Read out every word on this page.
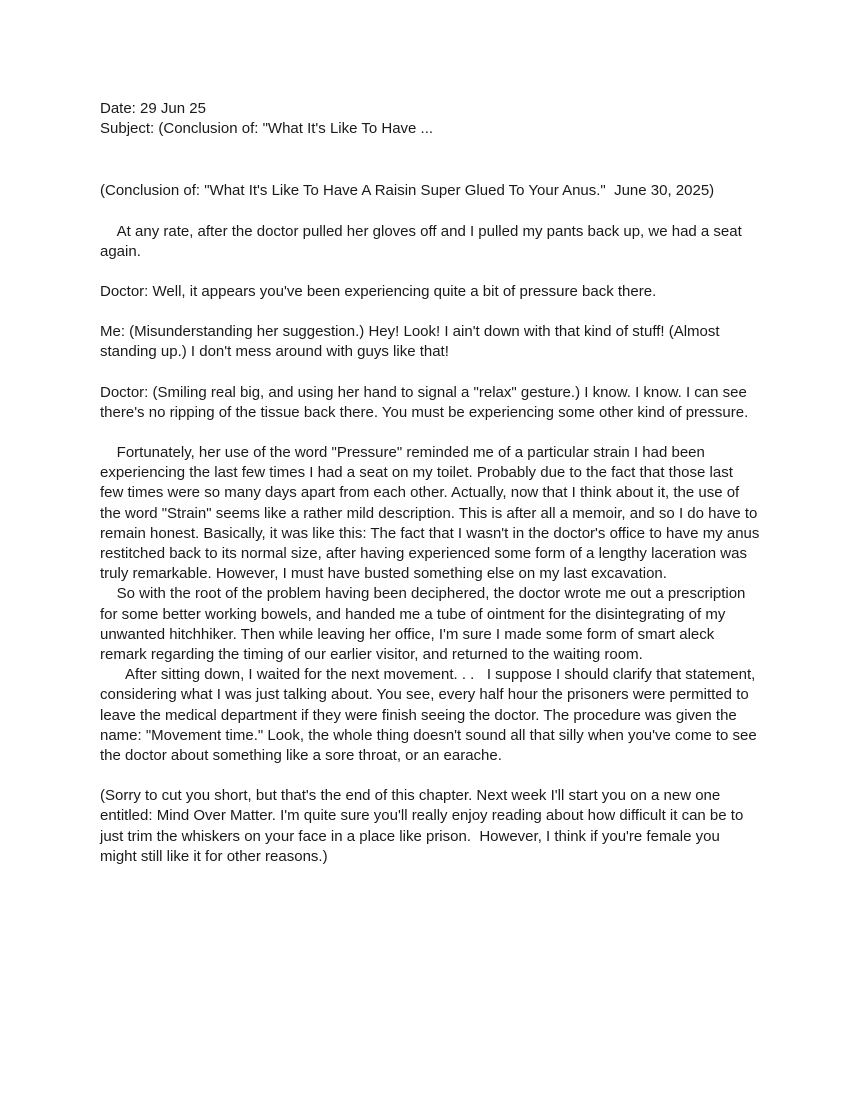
Date: 29 Jun 25

Subject: (Conclusion of: "What It's Like To Have ...

(Conclusion of: "What It's Like To Have A Raisin Super Glued To Your Anus."  June 30, 2025)

At any rate, after the doctor pulled her gloves off and I pulled my pants back up, we had a seat again.

Doctor: Well, it appears you've been experiencing quite a bit of pressure back there.

Me: (Misunderstanding her suggestion.) Hey! Look! I ain't down with that kind of stuff! (Almost standing up.) I don't mess around with guys like that!

Doctor: (Smiling real big, and using her hand to signal a "relax" gesture.) I know. I know. I can see there's no ripping of the tissue back there. You must be experiencing some other kind of pressure.

Fortunately, her use of the word "Pressure" reminded me of a particular strain I had been experiencing the last few times I had a seat on my toilet. Probably due to the fact that those last few times were so many days apart from each other. Actually, now that I think about it, the use of the word "Strain" seems like a rather mild description. This is after all a memoir, and so I do have to remain honest. Basically, it was like this: The fact that I wasn't in the doctor's office to have my anus restitched back to its normal size, after having experienced some form of a lengthy laceration was truly remarkable. However, I must have busted something else on my last excavation.

So with the root of the problem having been deciphered, the doctor wrote me out a prescription for some better working bowels, and handed me a tube of ointment for the disintegrating of my unwanted hitchhiker. Then while leaving her office, I'm sure I made some form of smart aleck remark regarding the timing of our earlier visitor, and returned to the waiting room.

After sitting down, I waited for the next movement. . .   I suppose I should clarify that statement, considering what I was just talking about. You see, every half hour the prisoners were permitted to leave the medical department if they were finish seeing the doctor. The procedure was given the name: "Movement time." Look, the whole thing doesn't sound all that silly when you've come to see the doctor about something like a sore throat, or an earache.

(Sorry to cut you short, but that's the end of this chapter. Next week I'll start you on a new one entitled: Mind Over Matter. I'm quite sure you'll really enjoy reading about how difficult it can be to just trim the whiskers on your face in a place like prison.  However, I think if you're female you might still like it for other reasons.)
